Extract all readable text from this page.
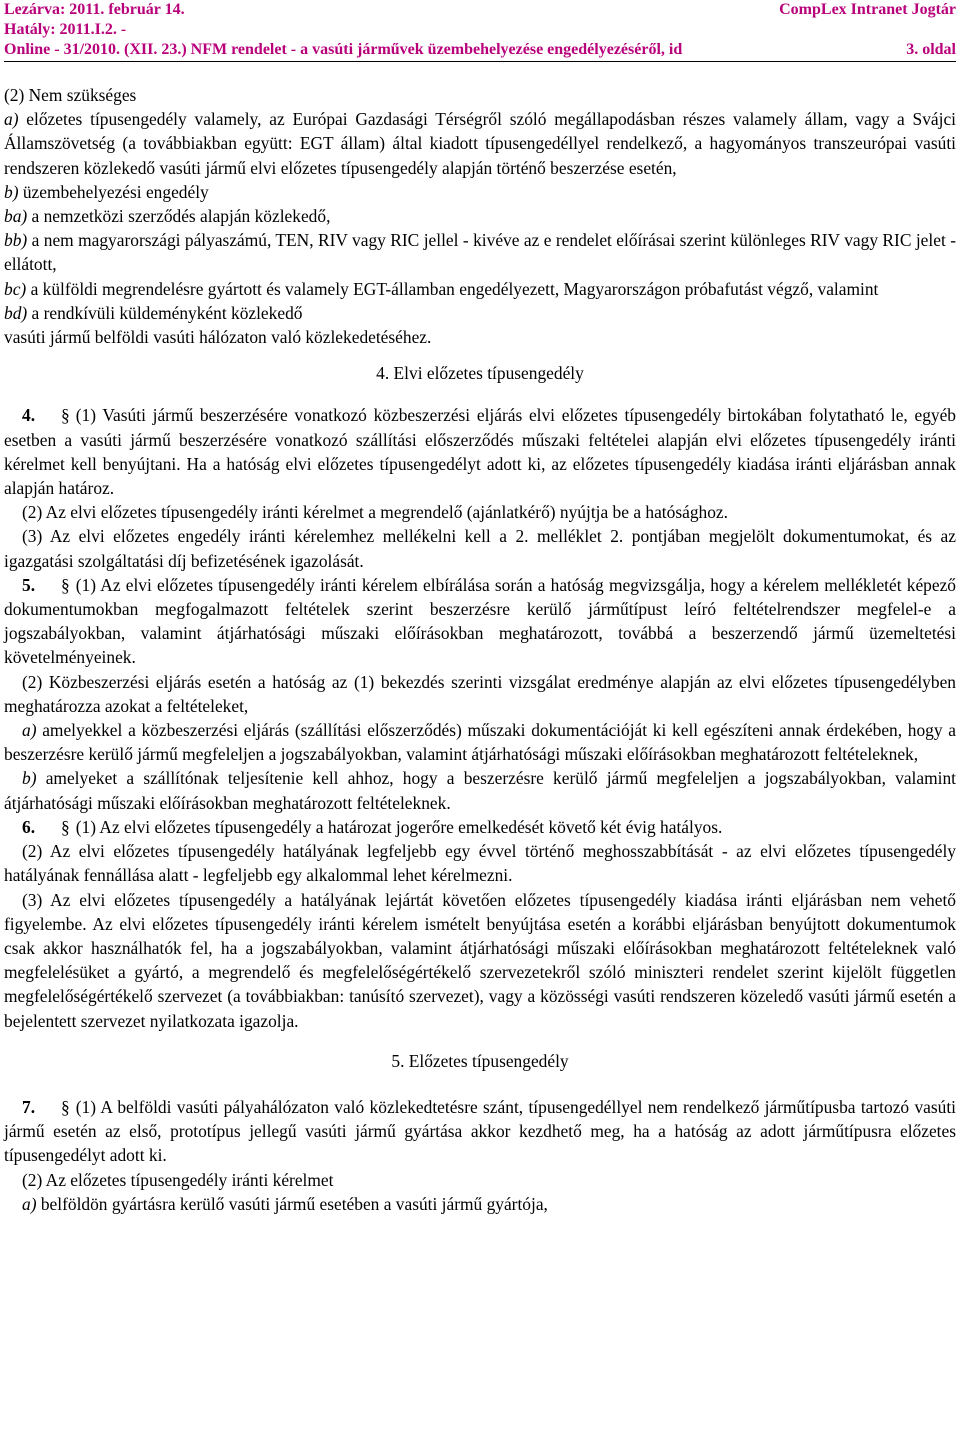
Lezárva: 2011. február 14.	CompLex Intranet Jogtár
Hatály: 2011.I.2. -
Online - 31/2010. (XII. 23.) NFM rendelet - a vasúti járművek üzembehelyezése engedélyezéséről, id	3. oldal

(2) Nem szükséges

a) előzetes típusengedély valamely, az Európai Gazdasági Térségről szóló megállapodásban részes valamely állam, vagy a Svájci Államszövetség (a továbbiakban együtt: EGT állam) által kiadott típusengedéllyel rendelkező, a hagyományos transzeurópai vasúti rendszeren közlekedő vasúti jármű elvi előzetes típusengedély alapján történő beszerzése esetén,

b) üzembehelyezési engedély

ba) a nemzetközi szerződés alapján közlekedő,

bb) a nem magyarországi pályaszámú, TEN, RIV vagy RIC jellel - kivéve az e rendelet előírásai szerint különleges RIV vagy RIC jelet - ellátott,

bc) a külföldi megrendelésre gyártott és valamely EGT-államban engedélyezett, Magyarországon próbafutást végző, valamint

bd) a rendkívüli küldeményként közlekedő

vasúti jármű belföldi vasúti hálózaton való közlekedetéséhez.

4. Elvi előzetes típusengedély

4. § (1) Vasúti jármű beszerzésére vonatkozó közbeszerzési eljárás elvi előzetes típusengedély birtokában folytatható le, egyéb esetben a vasúti jármű beszerzésére vonatkozó szállítási előszerződés műszaki feltételei alapján elvi előzetes típusengedély iránti kérelmet kell benyújtani. Ha a hatóság elvi előzetes típusengedélyt adott ki, az előzetes típusengedély kiadása iránti eljárásban annak alapján határoz.

(2) Az elvi előzetes típusengedély iránti kérelmet a megrendelő (ajánlatkérő) nyújtja be a hatósághoz.

(3) Az elvi előzetes engedély iránti kérelemhez mellékelni kell a 2. melléklet 2. pontjában megjelölt dokumentumokat, és az igazgatási szolgáltatási díj befizetésének igazolását.

5. § (1) Az elvi előzetes típusengedély iránti kérelem elbírálása során a hatóság megvizsgálja, hogy a kérelem mellékletét képező dokumentumokban megfogalmazott feltételek szerint beszerzésre kerülő járműtípust leíró feltételrendszer megfelel-e a jogszabályokban, valamint átjárhatósági műszaki előírásokban meghatározott, továbbá a beszerzendő jármű üzemeltetési követelményeinek.

(2) Közbeszerzési eljárás esetén a hatóság az (1) bekezdés szerinti vizsgálat eredménye alapján az elvi előzetes típusengedélyben meghatározza azokat a feltételeket,

a) amelyekkel a közbeszerzési eljárás (szállítási előszerződés) műszaki dokumentációját ki kell egészíteni annak érdekében, hogy a beszerzésre kerülő jármű megfeleljen a jogszabályokban, valamint átjárhatósági műszaki előírásokban meghatározott feltételeknek,

b) amelyeket a szállítónak teljesítenie kell ahhoz, hogy a beszerzésre kerülő jármű megfeleljen a jogszabályokban, valamint átjárhatósági műszaki előírásokban meghatározott feltételeknek.

6. § (1) Az elvi előzetes típusengedély a határozat jogerőre emelkedését követő két évig hatályos.

(2) Az elvi előzetes típusengedély hatályának legfeljebb egy évvel történő meghosszabbítását - az elvi előzetes típusengedély hatályának fennállása alatt - legfeljebb egy alkalommal lehet kérelmezni.

(3) Az elvi előzetes típusengedély a hatályának lejártát követően előzetes típusengedély kiadása iránti eljárásban nem vehető figyelembe. Az elvi előzetes típusengedély iránti kérelem ismételt benyújtása esetén a korábbi eljárásban benyújtott dokumentumok csak akkor használhatók fel, ha a jogszabályokban, valamint átjárhatósági műszaki előírásokban meghatározott feltételeknek való megfelelésüket a gyártó, a megrendelő és megfelelőségértékelő szervezetekről szóló miniszteri rendelet szerint kijelölt független megfelelőségértékelő szervezet (a továbbiakban: tanúsító szervezet), vagy a közösségi vasúti rendszeren közeledő vasúti jármű esetén a bejelentett szervezet nyilatkozata igazolja.

5. Előzetes típusengedély

7. § (1) A belföldi vasúti pályahálózaton való közlekedtetésre szánt, típusengedéllyel nem rendelkező járműtípusba tartozó vasúti jármű esetén az első, prototípus jellegű vasúti jármű gyártása akkor kezdhető meg, ha a hatóság az adott járműtípusra előzetes típusengedélyt adott ki.

(2) Az előzetes típusengedély iránti kérelmet

a) belföldön gyártásra kerülő vasúti jármű esetében a vasúti jármű gyártója,
